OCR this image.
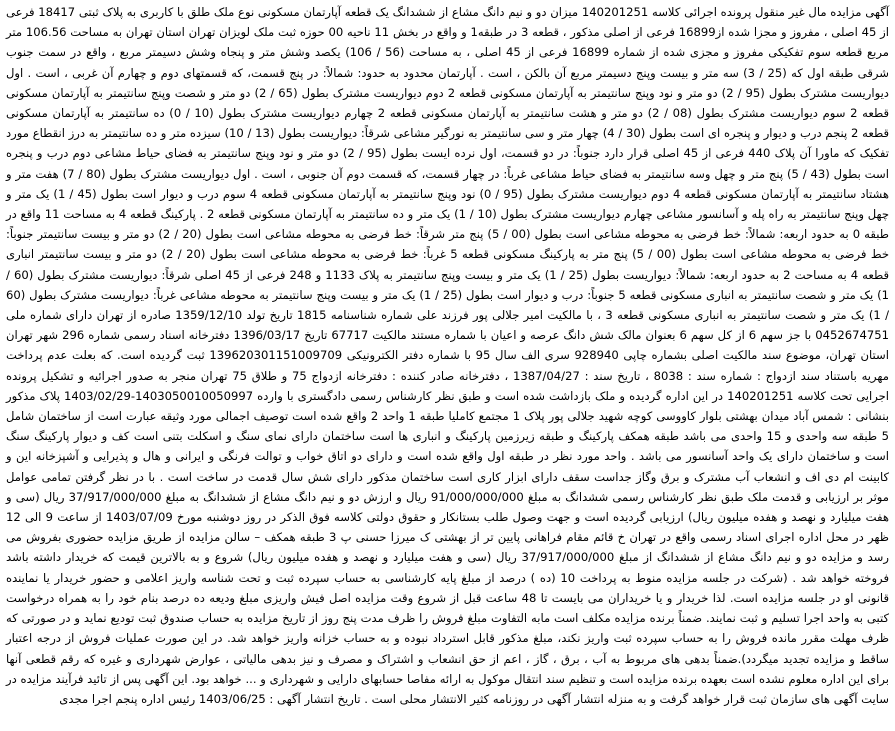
آگهی مزایده مال غیر منقول پرونده اجرائی کلاسه 140201251 میزان دو و نیم دانگ مشاع از ششدانگ یک قطعه آپارتمان مسکونی نوع ملک طلق با کاربری به پلاک ثبتی 18417 فرعی از 45 اصلی ، مفروز و مجزا شده از16899 فرعی از اصلی مذکور ، قطعه 3 در طبقه1 و واقع در بخش 11 ناحیه 00 حوزه ثبت ملک لویزان تهران استان تهران به مساحت 106.56 متر مربع قطعه سوم تفکیکی مفروز و مجزی شده از شماره 16899 فرعی از 45 اصلی ، به مساحت (56 / 106) یکصد وشش متر و پنجاه وشش دسیمتر مربع ، واقع در سمت جنوب شرقی طبقه اول که (25 / 3) سه متر و بیست وپنج دسیمتر مربع آن بالکن ، است . آپارتمان محدود به حدود: شمالاً: در پنج قسمت، که قسمتهای دوم و چهارم آن غربی ، است . اول دیواریست مشترک بطول (95 / 2) دو متر و نود وپنج سانتیمتر به آپارتمان مسکونی قطعه 2 دوم دیواریست مشترک بطول (65 / 2) دو متر و شصت وپنج سانتیمتر به آپارتمان مسکونی قطعه 2 سوم دیواریست مشترک بطول (08 / 2) دو متر و هشت سانتیمتر به آپارتمان مسکونی قطعه 2 چهارم دیواریست مشترک بطول (10 / 0) ده سانتیمتر به آپارتمان مسکونی قطعه 2 پنجم درب و دیوار و پنجره ای است بطول (30 / 4) چهار متر و سی سانتیمتر به نورگیر مشاعی شرقاً: دیواریست بطول (13 / 10) سیزده متر و ده سانتیمتر به درز انقطاع مورد تفکیک که ماورا آن پلاک 440 فرعی از 45 اصلی قرار دارد جنوباً: در دو قسمت، اول نرده ایست بطول (95 / 2) دو متر و نود وپنج سانتیمتر به فضای حیاط مشاعی دوم درب و پنجره است بطول (43 / 5) پنج متر و چهل وسه سانتیمتر به فضای حیاط مشاعی غرباً: در چهار قسمت، که قسمت دوم آن جنوبی ، است . اول دیواریست مشترک بطول (80 / 7) هفت متر و هشتاد سانتیمتر به آپارتمان مسکونی قطعه 4 دوم دیواریست مشترک بطول (95 / 0) نود وپنج سانتیمتر به آپارتمان مسکونی قطعه 4 سوم درب و دیوار است بطول (45 / 1) یک متر و چهل وپنج سانتیمتر به راه پله و آسانسور مشاعی چهارم دیواریست مشترک بطول (10 / 1) یک متر و ده سانتیمتر به آپارتمان مسکونی قطعه 2 . پارکینگ قطعه 4 به مساحت 11 واقع در طبقه 0 به حدود اربعه: شمالاً: خط فرضی به محوطه مشاعی است بطول (00 / 5) پنج متر شرقاً: خط فرضی به محوطه مشاعی است بطول (20 / 2) دو متر و بیست سانتیمتر جنوباً: خط فرضی به محوطه مشاعی است بطول (00 / 5) پنج متر به پارکینگ مسکونی قطعه 5 غرباً: خط فرضی به محوطه مشاعی است بطول (20 / 2) دو متر و بیست سانتیمتر انباری قطعه 4 به مساحت 2 به حدود اربعه: شمالاً: دیواریست بطول (25 / 1) یک متر و بیست وپنج سانتیمتر به پلاک 1133 و 248 فرعی از 45 اصلی شرقاً: دیواریست مشترک بطول (60 / 1) یک متر و شصت سانتیمتر به انباری مسکونی قطعه 5 جنوباً: درب و دیوار است بطول (25 / 1) یک متر و بیست وپنج سانتیمتر به محوطه مشاعی غرباً: دیواریست مشترک بطول (60 / 1) یک متر و شصت سانتیمتر به انباری مسکونی قطعه 3 ، با مالکیت امیر جلالی پور فرزند علی شماره شناسنامه 1815 تاریخ تولد 1359/12/10 صادره از تهران دارای شماره ملی 0452674751 با جز سهم 6 از کل سهم 6 بعنوان مالک شش دانگ عرصه و اعیان با شماره مستند مالکیت 67717 تاریخ 1396/03/17 دفترخانه اسناد رسمی شماره 296 شهر تهران استان تهران، موضوع سند مالکیت اصلی بشماره چاپی 928940 سری الف سال 95 با شماره دفتر الکترونیکی 139620301151009709 ثبت گردیده است. که بعلت عدم پرداخت مهریه باستناد سند ازدواج : شماره سند : 8038 ، تاریخ سند : 1387/04/27 ، دفترخانه صادر کننده : دفترخانه ازدواج 75 و طلاق 75 تهران منجر به صدور اجرائیه و تشکیل پرونده اجرایی تحت کلاسه 140201251 در این اداره گردیده و ملک بازداشت شده است و طبق نظر کارشناس رسمی دادگستری با وارده 1403050010050997-1403/02/29 پلاک مذکور بنشانی : شمس آباد میدان بهشتی بلوار کاووسی کوچه شهید جلالی پور پلاک 1 مجتمع کاملیا طبقه 1 واحد 2 واقع شده است توصیف اجمالی مورد وثیقه عبارت است از ساختمان شامل 5 طبقه سه واحدی و 15 واحدی می باشد طبقه همکف پارکینگ و طبقه زیرزمین پارکینگ و انباری ها است ساختمان دارای نمای سنگ و اسکلت بتنی است کف و دیوار پارکینگ سنگ است و ساختمان دارای یک واحد آسانسور می باشد . واحد مورد نظر در طبقه اول واقع شده است و دارای دو اتاق خواب و توالت فرنگی و ایرانی و هال و پذیرایی و آشپزخانه این و کابینت ام دی اف و انشعاب آب مشترک و برق وگاز جداست سقف دارای ابزار کاری است ساختمان مذکور دارای شش سال قدمت در ساخت است . با در نظر گرفتن تمامی عوامل موثر بر ارزیابی و قدمت ملک طبق نظر کارشناس رسمی ششدانگ به مبلغ 91/000/000/000 ریال و ارزش دو و نیم دانگ مشاع از ششدانگ به مبلغ 37/917/000/000 ریال (سی و هفت میلیارد و نهصد و هفده میلیون ریال) ارزیابی گردیده است و جهت وصول طلب بستانکار و حقوق دولتی کلاسه فوق الذکر در روز دوشنبه مورخ 1403/07/09 از ساعت 9 الی 12 ظهر در محل اداره اجرای اسناد رسمی واقع در تهران خ قائم مقام فراهانی پایین تر از بهشتی ک میرزا حسنی پ 3 طبقه همکف – سالن مزایده از طریق مزایده حضوری بفروش می رسد و مزایده دو و نیم دانگ مشاع از ششدانگ از مبلغ 37/917/000/000 ریال (سی و هفت میلیارد و نهصد و هفده میلیون ریال) شروع و به بالاترین قیمت که خریدار داشته باشد فروخته خواهد شد . (شرکت در جلسه مزایده منوط به پرداخت 10 (ده ) درصد از مبلغ پایه کارشناسی به حساب سپرده ثبت و تحت شناسه واریز اعلامی و حضور خریدار یا نماینده قانونی او در جلسه مزایده است. لذا خریدار و یا خریداران می بایست تا 48 ساعت قبل از شروع وقت مزایده اصل فیش واریزی مبلغ ودیعه ده درصد بنام خود را به همراه درخواست کتبی به واحد اجرا تسلیم و ثبت نمایند. ضمناً برنده مزایده مکلف است مابه التفاوت مبلغ فروش را ظرف مدت پنج روز از تاریخ مزایده به حساب صندوق ثبت تودیع نماید و در صورتی که ظرف مهلت مقرر مانده فروش را به حساب سپرده ثبت واریز نکند، مبلغ مذکور قابل استرداد نبوده و به حساب خزانه واریز خواهد شد. در این صورت عملیات فروش از درجه اعتبار ساقط و مزایده تجدید میگردد).ضمناً بدهی های مربوط به آب ، برق ، گاز ، اعم از حق انشعاب و اشتراک و مصرف و نیز بدهی مالیاتی ، عوارض شهرداری و غیره که رقم قطعی آنها برای این اداره معلوم نشده است بعهده برنده مزایده است و تنظیم سند انتقال موکول به ارائه مفاصا حسابهای دارایی و شهرداری و ... خواهد بود. این آگهی پس از تائید فرآیند مزایده در سایت آگهی های سازمان ثبت قرار خواهد گرفت و به منزله انتشار آگهی در روزنامه کثیر الانتشار محلی است . تاریخ انتشار آگهی : 1403/06/25 رئیس اداره پنجم اجرا مجدی
